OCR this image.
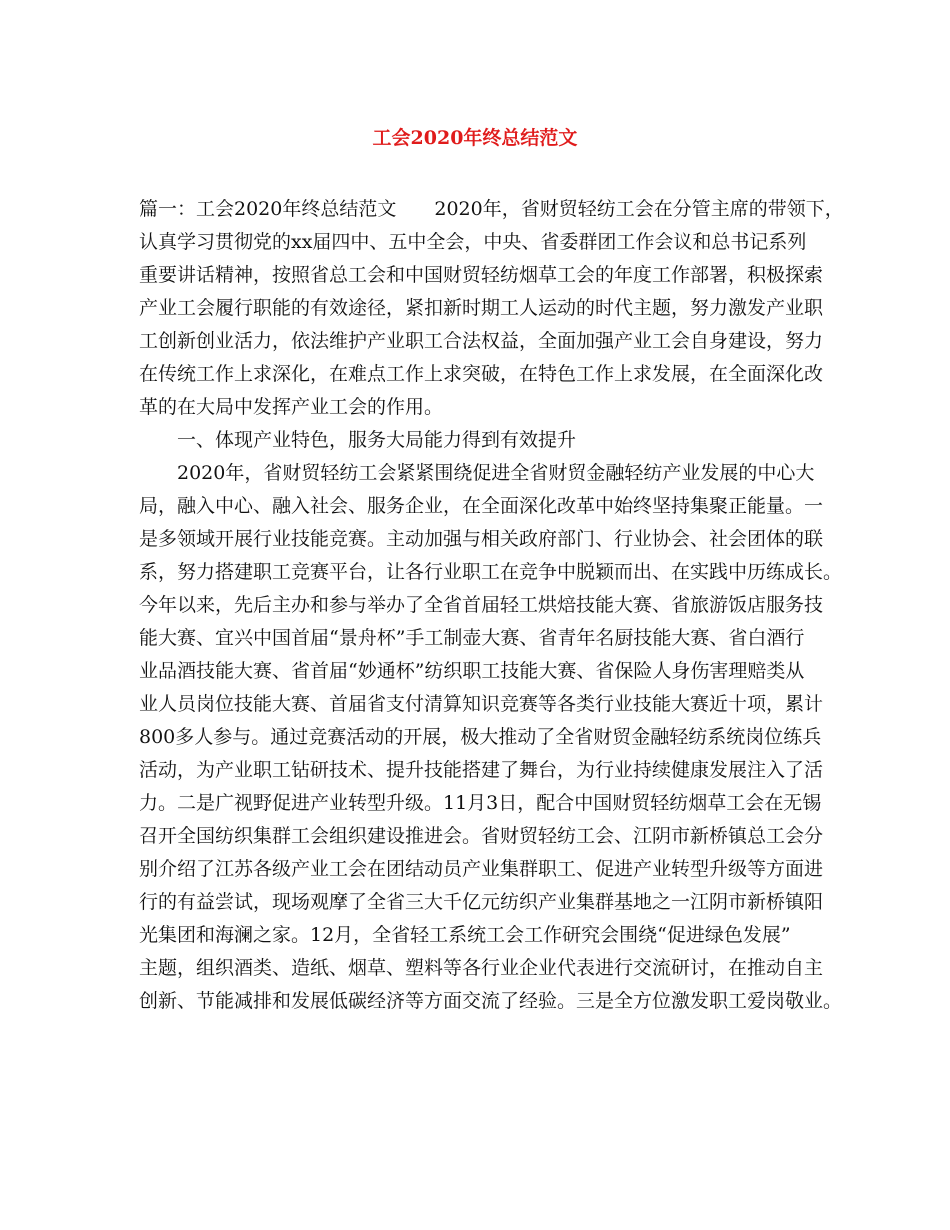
工会2020年终总结范文
篇一：工会2020年终总结范文　　2020年，省财贸轻纺工会在分管主席的带领下，
认真学习贯彻党的xx届四中、五中全会，中央、省委群团工作会议和总书记系列
重要讲话精神，按照省总工会和中国财贸轻纺烟草工会的年度工作部署，积极探索
产业工会履行职能的有效途径，紧扣新时期工人运动的时代主题，努力激发产业职
工创新创业活力，依法维护产业职工合法权益，全面加强产业工会自身建设，努力
在传统工作上求深化，在难点工作上求突破，在特色工作上求发展，在全面深化改
革的在大局中发挥产业工会的作用。
一、体现产业特色，服务大局能力得到有效提升
2020年，省财贸轻纺工会紧紧围绕促进全省财贸金融轻纺产业发展的中心大
局，融入中心、融入社会、服务企业，在全面深化改革中始终坚持集聚正能量。一
是多领域开展行业技能竞赛。主动加强与相关政府部门、行业协会、社会团体的联
系，努力搭建职工竞赛平台，让各行业职工在竞争中脱颖而出、在实践中历练成长。
今年以来，先后主办和参与举办了全省首届轻工烘焙技能大赛、省旅游饭店服务技
能大赛、宜兴中国首届“景舟杯”手工制壶大赛、省青年名厨技能大赛、省白酒行
业品酒技能大赛、省首届“妙通杯”纺织职工技能大赛、省保险人身伤害理赔类从
业人员岗位技能大赛、首届省支付清算知识竞赛等各类行业技能大赛近十项，累计
800多人参与。通过竞赛活动的开展，极大推动了全省财贸金融轻纺系统岗位练兵
活动，为产业职工钻研技术、提升技能搭建了舞台，为行业持续健康发展注入了活
力。二是广视野促进产业转型升级。11月3日，配合中国财贸轻纺烟草工会在无锡
召开全国纺织集群工会组织建设推进会。省财贸轻纺工会、江阴市新桥镇总工会分
别介绍了江苏各级产业工会在团结动员产业集群职工、促进产业转型升级等方面进
行的有益尝试，现场观摩了全省三大千亿元纺织产业集群基地之一江阴市新桥镇阳
光集团和海澜之家。12月，全省轻工系统工会工作研究会围绕“促进绿色发展”
主题，组织酒类、造纸、烟草、塑料等各行业企业代表进行交流研讨，在推动自主
创新、节能减排和发展低碳经济等方面交流了经验。三是全方位激发职工爱岗敬业。
